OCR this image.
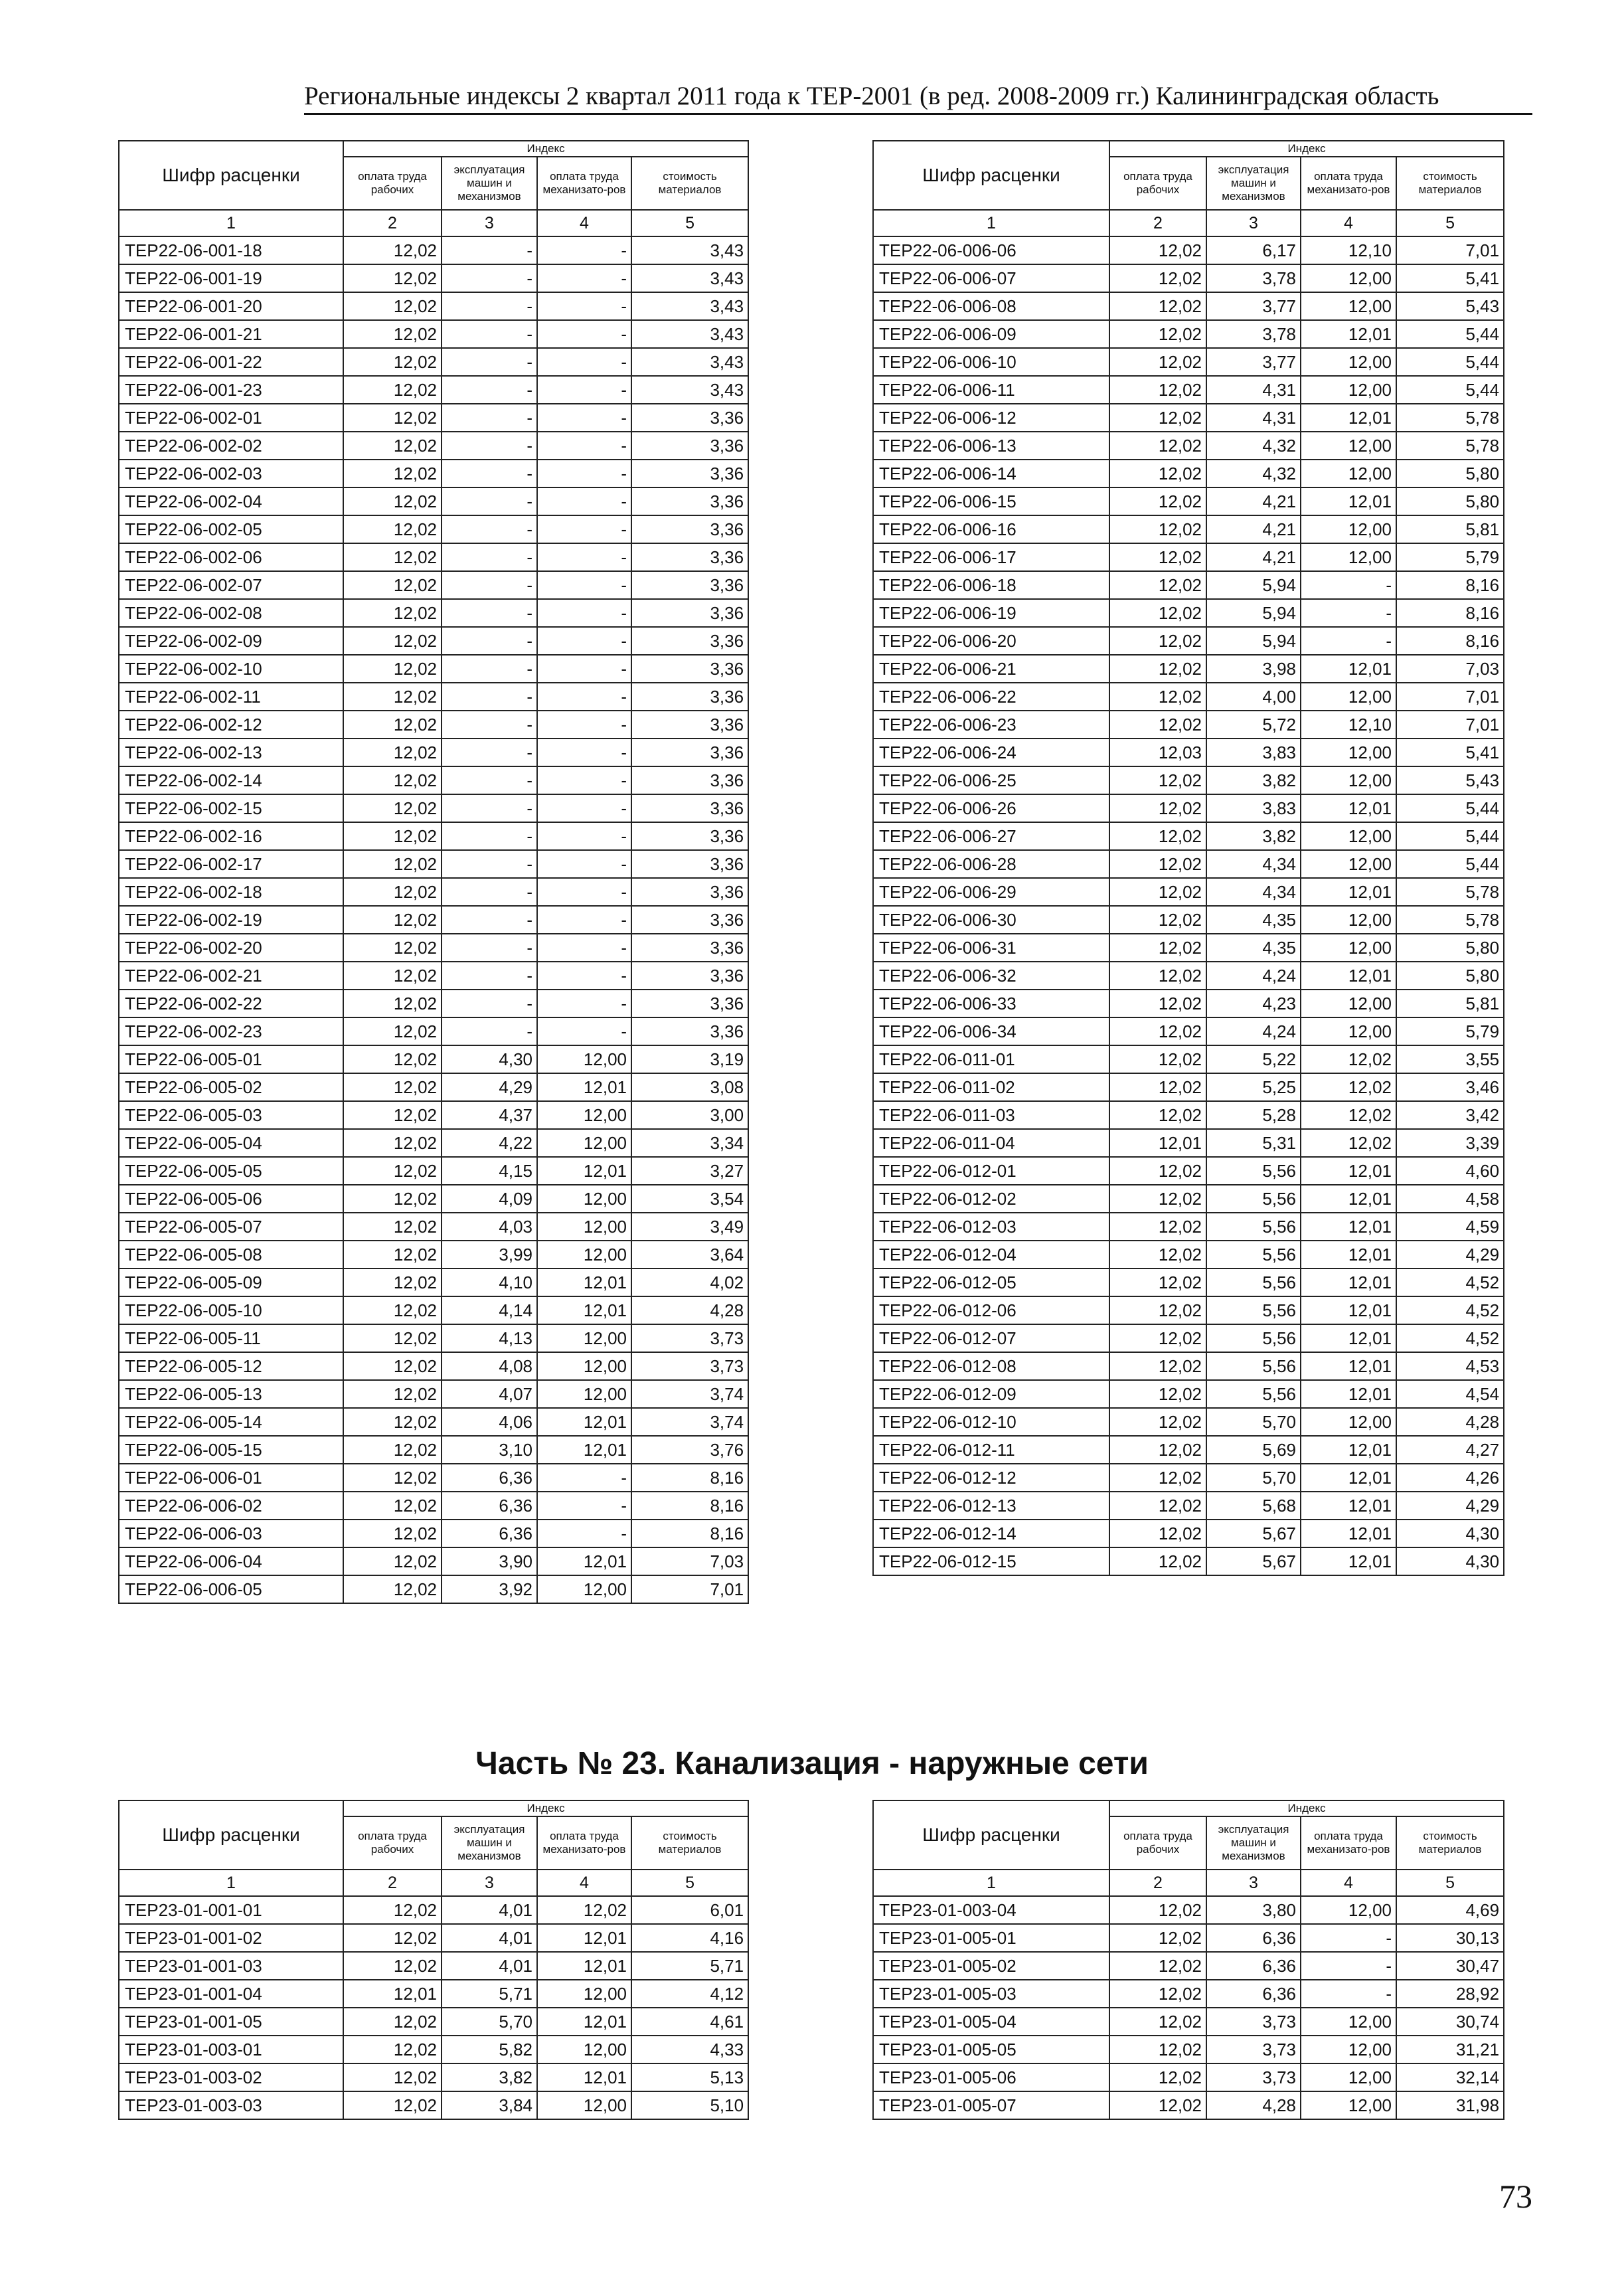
Региональные индексы 2 квартал 2011 года к ТЕР-2001 (в ред. 2008-2009 гг.) Калининградская область
Шифр расценки	Индекс			
	оплата труда рабочих	эксплуатация машин и механизмов	оплата труда механизато-ров	стоимость материалов
1	2	3	4	5
ТЕР22-06-001-18	12,02	-	-	3,43
ТЕР22-06-001-19	12,02	-	-	3,43
ТЕР22-06-001-20	12,02	-	-	3,43
ТЕР22-06-001-21	12,02	-	-	3,43
ТЕР22-06-001-22	12,02	-	-	3,43
ТЕР22-06-001-23	12,02	-	-	3,43
ТЕР22-06-002-01	12,02	-	-	3,36
ТЕР22-06-002-02	12,02	-	-	3,36
ТЕР22-06-002-03	12,02	-	-	3,36
ТЕР22-06-002-04	12,02	-	-	3,36
ТЕР22-06-002-05	12,02	-	-	3,36
ТЕР22-06-002-06	12,02	-	-	3,36
ТЕР22-06-002-07	12,02	-	-	3,36
ТЕР22-06-002-08	12,02	-	-	3,36
ТЕР22-06-002-09	12,02	-	-	3,36
ТЕР22-06-002-10	12,02	-	-	3,36
ТЕР22-06-002-11	12,02	-	-	3,36
ТЕР22-06-002-12	12,02	-	-	3,36
ТЕР22-06-002-13	12,02	-	-	3,36
ТЕР22-06-002-14	12,02	-	-	3,36
ТЕР22-06-002-15	12,02	-	-	3,36
ТЕР22-06-002-16	12,02	-	-	3,36
ТЕР22-06-002-17	12,02	-	-	3,36
ТЕР22-06-002-18	12,02	-	-	3,36
ТЕР22-06-002-19	12,02	-	-	3,36
ТЕР22-06-002-20	12,02	-	-	3,36
ТЕР22-06-002-21	12,02	-	-	3,36
ТЕР22-06-002-22	12,02	-	-	3,36
ТЕР22-06-002-23	12,02	-	-	3,36
ТЕР22-06-005-01	12,02	4,30	12,00	3,19
ТЕР22-06-005-02	12,02	4,29	12,01	3,08
ТЕР22-06-005-03	12,02	4,37	12,00	3,00
ТЕР22-06-005-04	12,02	4,22	12,00	3,34
ТЕР22-06-005-05	12,02	4,15	12,01	3,27
ТЕР22-06-005-06	12,02	4,09	12,00	3,54
ТЕР22-06-005-07	12,02	4,03	12,00	3,49
ТЕР22-06-005-08	12,02	3,99	12,00	3,64
ТЕР22-06-005-09	12,02	4,10	12,01	4,02
ТЕР22-06-005-10	12,02	4,14	12,01	4,28
ТЕР22-06-005-11	12,02	4,13	12,00	3,73
ТЕР22-06-005-12	12,02	4,08	12,00	3,73
ТЕР22-06-005-13	12,02	4,07	12,00	3,74
ТЕР22-06-005-14	12,02	4,06	12,01	3,74
ТЕР22-06-005-15	12,02	3,10	12,01	3,76
ТЕР22-06-006-01	12,02	6,36	-	8,16
ТЕР22-06-006-02	12,02	6,36	-	8,16
ТЕР22-06-006-03	12,02	6,36	-	8,16
ТЕР22-06-006-04	12,02	3,90	12,01	7,03
ТЕР22-06-006-05	12,02	3,92	12,00	7,01
Шифр расценки	Индекс			
	оплата труда рабочих	эксплуатация машин и механизмов	оплата труда механизато-ров	стоимость материалов
1	2	3	4	5
ТЕР22-06-006-06	12,02	6,17	12,10	7,01
ТЕР22-06-006-07	12,02	3,78	12,00	5,41
ТЕР22-06-006-08	12,02	3,77	12,00	5,43
ТЕР22-06-006-09	12,02	3,78	12,01	5,44
ТЕР22-06-006-10	12,02	3,77	12,00	5,44
ТЕР22-06-006-11	12,02	4,31	12,00	5,44
ТЕР22-06-006-12	12,02	4,31	12,01	5,78
ТЕР22-06-006-13	12,02	4,32	12,00	5,78
ТЕР22-06-006-14	12,02	4,32	12,00	5,80
ТЕР22-06-006-15	12,02	4,21	12,01	5,80
ТЕР22-06-006-16	12,02	4,21	12,00	5,81
ТЕР22-06-006-17	12,02	4,21	12,00	5,79
ТЕР22-06-006-18	12,02	5,94	-	8,16
ТЕР22-06-006-19	12,02	5,94	-	8,16
ТЕР22-06-006-20	12,02	5,94	-	8,16
ТЕР22-06-006-21	12,02	3,98	12,01	7,03
ТЕР22-06-006-22	12,02	4,00	12,00	7,01
ТЕР22-06-006-23	12,02	5,72	12,10	7,01
ТЕР22-06-006-24	12,03	3,83	12,00	5,41
ТЕР22-06-006-25	12,02	3,82	12,00	5,43
ТЕР22-06-006-26	12,02	3,83	12,01	5,44
ТЕР22-06-006-27	12,02	3,82	12,00	5,44
ТЕР22-06-006-28	12,02	4,34	12,00	5,44
ТЕР22-06-006-29	12,02	4,34	12,01	5,78
ТЕР22-06-006-30	12,02	4,35	12,00	5,78
ТЕР22-06-006-31	12,02	4,35	12,00	5,80
ТЕР22-06-006-32	12,02	4,24	12,01	5,80
ТЕР22-06-006-33	12,02	4,23	12,00	5,81
ТЕР22-06-006-34	12,02	4,24	12,00	5,79
ТЕР22-06-011-01	12,02	5,22	12,02	3,55
ТЕР22-06-011-02	12,02	5,25	12,02	3,46
ТЕР22-06-011-03	12,02	5,28	12,02	3,42
ТЕР22-06-011-04	12,01	5,31	12,02	3,39
ТЕР22-06-012-01	12,02	5,56	12,01	4,60
ТЕР22-06-012-02	12,02	5,56	12,01	4,58
ТЕР22-06-012-03	12,02	5,56	12,01	4,59
ТЕР22-06-012-04	12,02	5,56	12,01	4,29
ТЕР22-06-012-05	12,02	5,56	12,01	4,52
ТЕР22-06-012-06	12,02	5,56	12,01	4,52
ТЕР22-06-012-07	12,02	5,56	12,01	4,52
ТЕР22-06-012-08	12,02	5,56	12,01	4,53
ТЕР22-06-012-09	12,02	5,56	12,01	4,54
ТЕР22-06-012-10	12,02	5,70	12,00	4,28
ТЕР22-06-012-11	12,02	5,69	12,01	4,27
ТЕР22-06-012-12	12,02	5,70	12,01	4,26
ТЕР22-06-012-13	12,02	5,68	12,01	4,29
ТЕР22-06-012-14	12,02	5,67	12,01	4,30
ТЕР22-06-012-15	12,02	5,67	12,01	4,30
Часть № 23. Канализация - наружные сети
Шифр расценки	Индекс			
	оплата труда рабочих	эксплуатация машин и механизмов	оплата труда механизато-ров	стоимость материалов
1	2	3	4	5
ТЕР23-01-001-01	12,02	4,01	12,02	6,01
ТЕР23-01-001-02	12,02	4,01	12,01	4,16
ТЕР23-01-001-03	12,02	4,01	12,01	5,71
ТЕР23-01-001-04	12,01	5,71	12,00	4,12
ТЕР23-01-001-05	12,02	5,70	12,01	4,61
ТЕР23-01-003-01	12,02	5,82	12,00	4,33
ТЕР23-01-003-02	12,02	3,82	12,01	5,13
ТЕР23-01-003-03	12,02	3,84	12,00	5,10
Шифр расценки	Индекс			
	оплата труда рабочих	эксплуатация машин и механизмов	оплата труда механизато-ров	стоимость материалов
1	2	3	4	5
ТЕР23-01-003-04	12,02	3,80	12,00	4,69
ТЕР23-01-005-01	12,02	6,36	-	30,13
ТЕР23-01-005-02	12,02	6,36	-	30,47
ТЕР23-01-005-03	12,02	6,36	-	28,92
ТЕР23-01-005-04	12,02	3,73	12,00	30,74
ТЕР23-01-005-05	12,02	3,73	12,00	31,21
ТЕР23-01-005-06	12,02	3,73	12,00	32,14
ТЕР23-01-005-07	12,02	4,28	12,00	31,98
73
